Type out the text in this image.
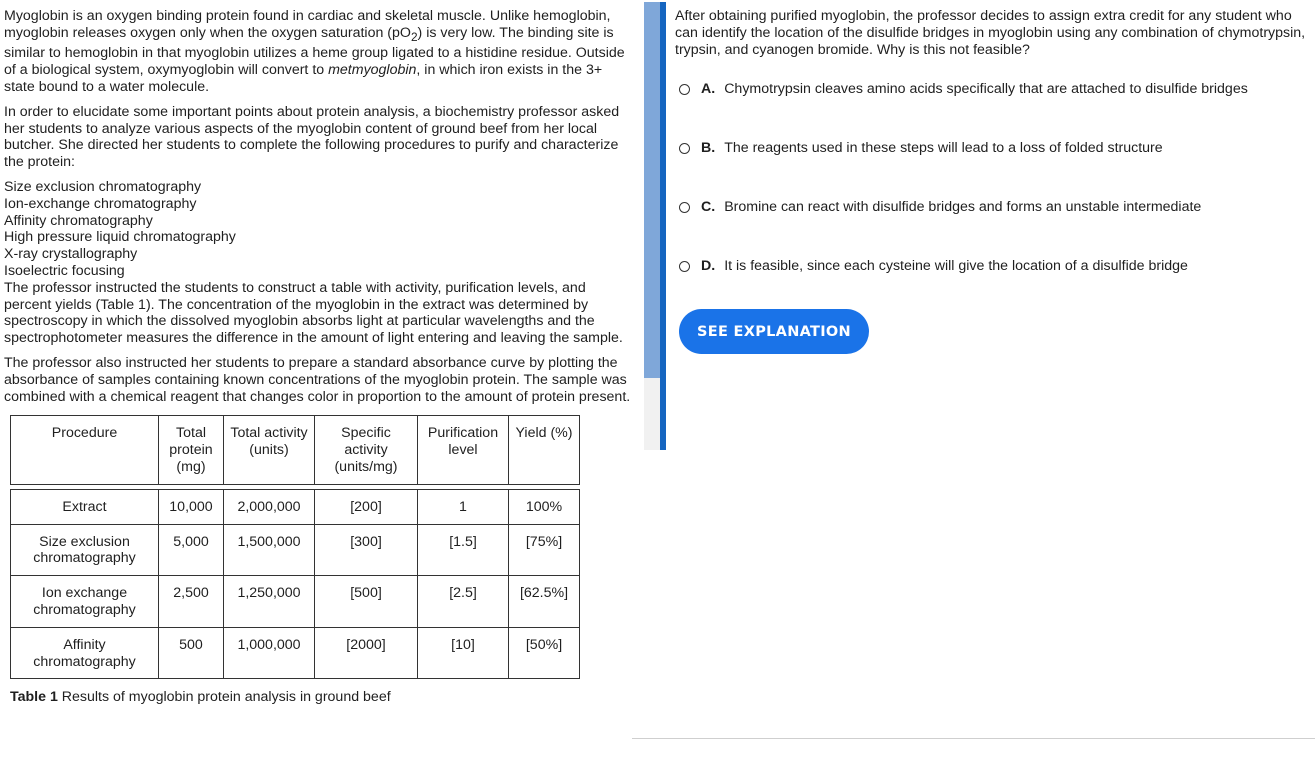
Myoglobin is an oxygen binding protein found in cardiac and skeletal muscle. Unlike hemoglobin, myoglobin releases oxygen only when the oxygen saturation $(pO_2)$ is very low. The binding site is similar to hemoglobin in that myoglobin utilizes a heme group ligated to a histidine residue. Outside of a biological system, oxymyoglobin will convert to metmyoglobin, in which iron exists in the 3+ state bound to a water molecule.

In order to elucidate some important points about protein analysis, a biochemistry professor asked her students to analyze various aspects of the myoglobin content of ground beef from her local butcher. She directed her students to complete the following procedures to purify and characterize the protein:

Size exclusion chromatography
Ion-exchange chromatography
Affinity chromatography
High pressure liquid chromatography
X-ray crystallography
Isoelectric focusing

The professor instructed the students to construct a table with activity, purification levels, and percent yields (Table 1). The concentration of the myoglobin in the extract was determined by spectroscopy in which the dissolved myoglobin absorbs light at particular wavelengths and the spectrophotometer measures the difference in the amount of light entering and leaving the sample.

The professor also instructed her students to prepare a standard absorbance curve by plotting the absorbance of samples containing known concentrations of the myoglobin protein. The sample was combined with a chemical reagent that changes color in proportion to the amount of protein present.

Procedure	Total protein (mg)	Total activity (units)	Specific activity (units/mg)	Purification level	Yield (%)

Extract	10,000	2,000,000	[200]	1	100%
Size exclusion chromatography	5,000	1,500,000	[300]	[1.5]	[75%]
Ion exchange chromatography	2,500	1,250,000	[500]	[2.5]	[62.5%]
Affinity chromatography	500	1,000,000	[2000]	[10]	[50%]
Table 1 Results of myoglobin protein analysis in ground beef

After obtaining purified myoglobin, the professor decides to assign extra credit for any student who can identify the location of the disulfide bridges in myoglobin using any combination of chymotrypsin, trypsin, and cyanogen bromide. Why is this not feasible?

A. Chymotrypsin cleaves amino acids specifically that are attached to disulfide bridges
B. The reagents used in these steps will lead to a loss of folded structure
C. Bromine can react with disulfide bridges and forms an unstable intermediate
D. It is feasible, since each cysteine will give the location of a disulfide bridge
SEE EXPLANATION
